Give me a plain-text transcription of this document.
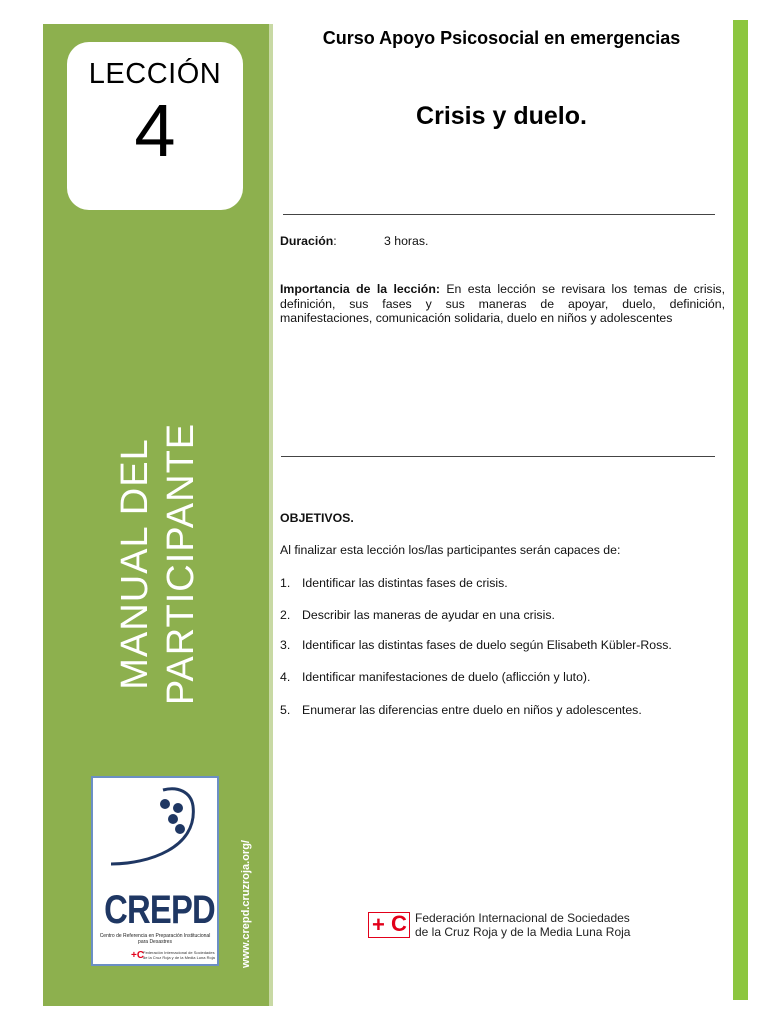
LECCIÓN
4
MANUAL DEL PARTICIPANTE
CREPD
Centro de Referencia en Preparación Institucional para Desastres
+C
Federación Internacional de Sociedades de la Cruz Roja y de la Media Luna Roja www.crepd.cruzroja.org/
Curso Apoyo Psicosocial en emergencias
Crisis y duelo.
Duración:	3 horas.
Importancia de la lección: En esta lección se revisara los temas de crisis, definición, sus fases y sus maneras de apoyar, duelo, definición, manifestaciones, comunicación solidaria, duelo en niños y adolescentes
OBJETIVOS.
Al finalizar esta lección los/las participantes serán capaces de:
1. Identificar las distintas fases de crisis.
2. Describir las maneras de ayudar en una crisis.
3. Identificar las distintas fases de duelo según Elisabeth Kübler-Ross.
4. Identificar manifestaciones de duelo (aflicción y luto).
5. Enumerar las diferencias entre duelo en niños y adolescentes.
+ C Federación Internacional de Sociedades
de la Cruz Roja y de la Media Luna Roja
